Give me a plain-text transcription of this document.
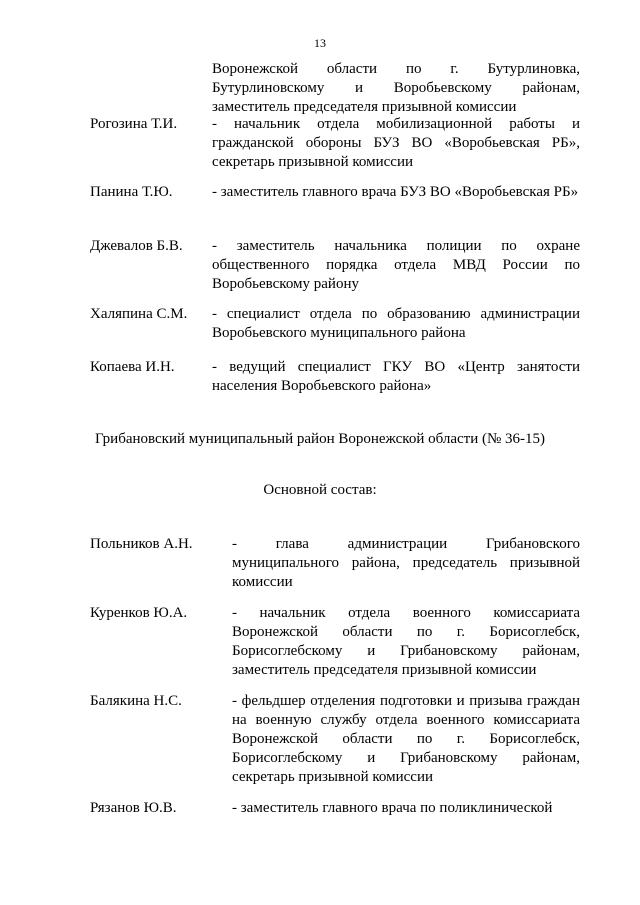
13
Воронежской области по г. Бутурлиновка, Бутурлиновскому и Воробьевскому районам, заместитель председателя призывной комиссии
Рогозина Т.И. - начальник отдела мобилизационной работы и гражданской обороны БУЗ ВО «Воробьевская РБ», секретарь призывной комиссии
Панина Т.Ю.	- заместитель главного врача БУЗ ВО «Воробьевская РБ»
Джевалов Б.В. - заместитель начальника полиции по охране общественного порядка отдела МВД России по Воробьевскому району
Халяпина С.М. - специалист отдела по образованию администрации Воробьевского муниципального района
Копаева И.Н. - ведущий специалист ГКУ ВО «Центр занятости населения Воробьевского района»
Грибановский муниципальный район Воронежской области (№ 36-15)
Основной состав:
Польников А.Н.	- глава администрации Грибановского муниципального района, председатель призывной комиссии
Куренков Ю.А.	- начальник отдела военного комиссариата Воронежской области по г. Борисоглебск, Борисоглебскому и Грибановскому районам, заместитель председателя призывной комиссии
Балякина Н.С.	- фельдшер отделения подготовки и призыва граждан на военную службу отдела военного комиссариата Воронежской области по г. Борисоглебск, Борисоглебскому и Грибановскому районам, секретарь призывной комиссии
Рязанов Ю.В.	- заместитель главного врача по поликлинической
